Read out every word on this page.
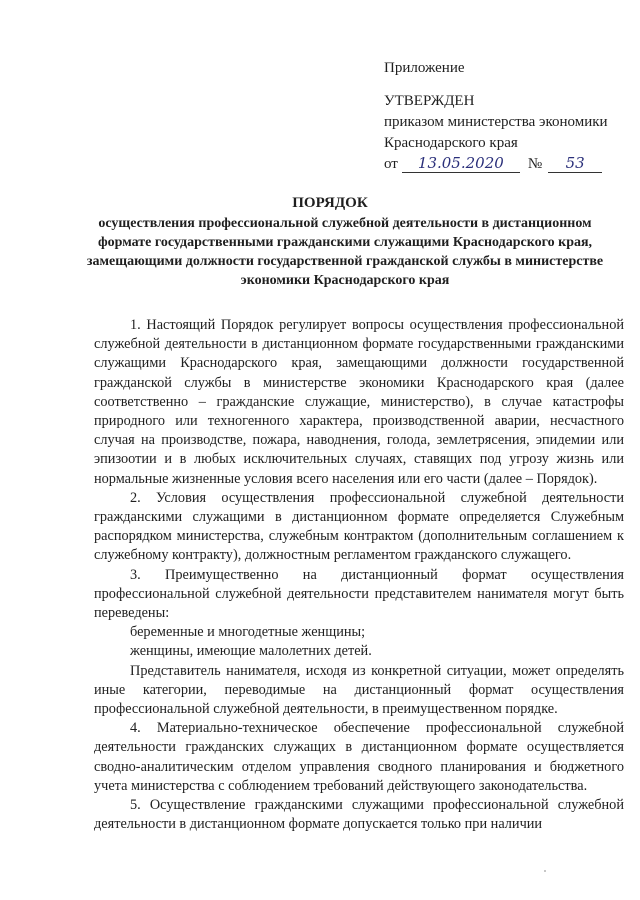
Приложение
УТВЕРЖДЕН
приказом министерства экономики
Краснодарского края
от	13.05.2020	№	53
ПОРЯДОК
осуществления профессиональной служебной деятельности в дистанционном формате государственными гражданскими служащими Краснодарского края, замещающими должности государственной гражданской службы в министерстве экономики Краснодарского края

1. Настоящий Порядок регулирует вопросы осуществления профессиональной служебной деятельности в дистанционном формате государственными гражданскими служащими Краснодарского края, замещающими должности государственной гражданской службы в министерстве экономики Краснодарского края (далее соответственно – гражданские служащие, министерство), в случае катастрофы природного или техногенного характера, производственной аварии, несчастного случая на производстве, пожара, наводнения, голода, землетрясения, эпидемии или эпизоотии и в любых исключительных случаях, ставящих под угрозу жизнь или нормальные жизненные условия всего населения или его части (далее – Порядок).

2. Условия осуществления профессиональной служебной деятельности гражданскими служащими в дистанционном формате определяется Служебным распорядком министерства, служебным контрактом (дополнительным соглашением к служебному контракту), должностным регламентом гражданского служащего.

3. Преимущественно на дистанционный формат осуществления профессиональной служебной деятельности представителем нанимателя могут быть переведены:

беременные и многодетные женщины;

женщины, имеющие малолетних детей.

Представитель нанимателя, исходя из конкретной ситуации, может определять иные категории, переводимые на дистанционный формат осуществления профессиональной служебной деятельности, в преимущественном порядке.

4. Материально-техническое обеспечение профессиональной служебной деятельности гражданских служащих в дистанционном формате осуществляется сводно-аналитическим отделом управления сводного планирования и бюджетного учета министерства с соблюдением требований действующего законодательства.

5. Осуществление гражданскими служащими профессиональной служебной деятельности в дистанционном формате допускается только при наличии
